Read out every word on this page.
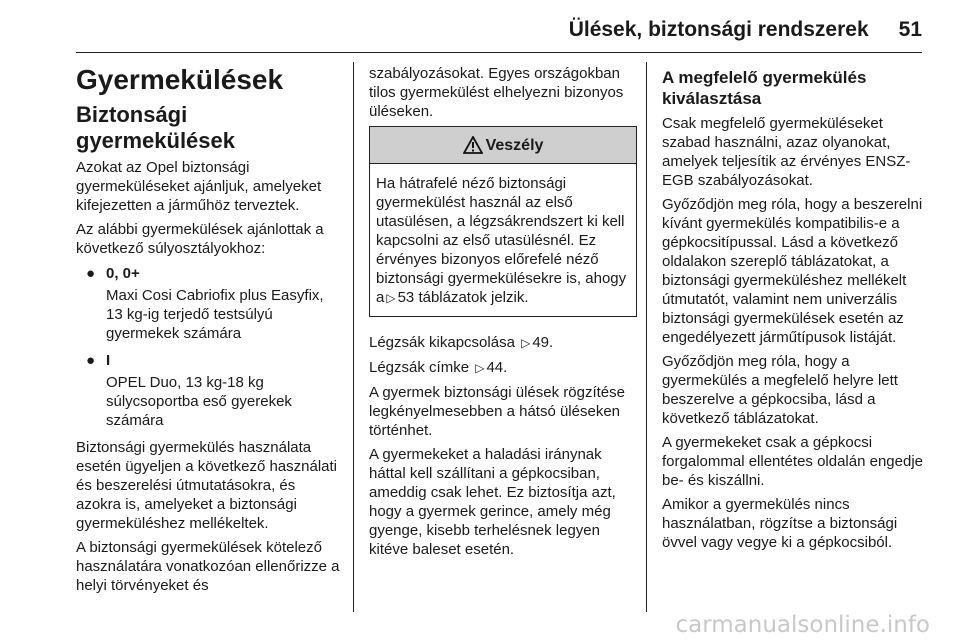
Ülések, biztonsági rendszerek 51
Gyermekülések
Biztonsági gyermekülések

Azokat az Opel biztonsági gyermeküléseket ajánljuk, amelyeket kifejezetten a járműhöz terveztek.

Az alábbi gyermekülések ajánlottak a következő súlyosztályokhoz:

● 0, 0+
Maxi Cosi Cabriofix plus Easyfix, 13 kg-ig terjedő testsúlyú gyermekek számára
● I
OPEL Duo, 13 kg-18 kg súlycsoportba eső gyerekek számára

Biztonsági gyermekülés használata esetén ügyeljen a következő használati és beszerelési útmutatásokra, és azokra is, amelyeket a biztonsági gyermeküléshez mellékeltek.

A biztonsági gyermekülések kötelező használatára vonatkozóan ellenőrizze a helyi törvényeket és

szabályozásokat. Egyes országokban tilos gyermekülést elhelyezni bizonyos üléseken.

Veszély
Ha hátrafelé néző biztonsági gyermekülést használ az első utasülésen, a légzsákrendszert ki kell kapcsolni az első utasülésnél. Ez érvényes bizonyos előrefelé néző biztonsági gyermekülésekre is, ahogy a ▷ 53 táblázatok jelzik.

Légzsák kikapcsolása ▷ 49.

Légzsák címke ▷ 44.

A gyermek biztonsági ülések rögzítése legkényelmesebben a hátsó üléseken történhet.

A gyermekeket a haladási iránynak háttal kell szállítani a gépkocsiban, ameddig csak lehet. Ez biztosítja azt, hogy a gyermek gerince, amely még gyenge, kisebb terhelésnek legyen kitéve baleset esetén.

A megfelelő gyermekülés kiválasztása

Csak megfelelő gyermeküléseket szabad használni, azaz olyanokat, amelyek teljesítik az érvényes ENSZ-EGB szabályozásokat.

Győződjön meg róla, hogy a beszerelni kívánt gyermekülés kompatibilis-e a gépkocsitípussal. Lásd a következő oldalakon szereplő táblázatokat, a biztonsági gyermeküléshez mellékelt útmutatót, valamint nem univerzális biztonsági gyermekülések esetén az engedélyezett járműtípusok listáját.

Győződjön meg róla, hogy a gyermekülés a megfelelő helyre lett beszerelve a gépkocsiba, lásd a következő táblázatokat.

A gyermekeket csak a gépkocsi forgalommal ellentétes oldalán engedje be- és kiszállni.

Amikor a gyermekülés nincs használatban, rögzítse a biztonsági övvel vagy vegye ki a gépkocsiból.

carmanualsonline.info
